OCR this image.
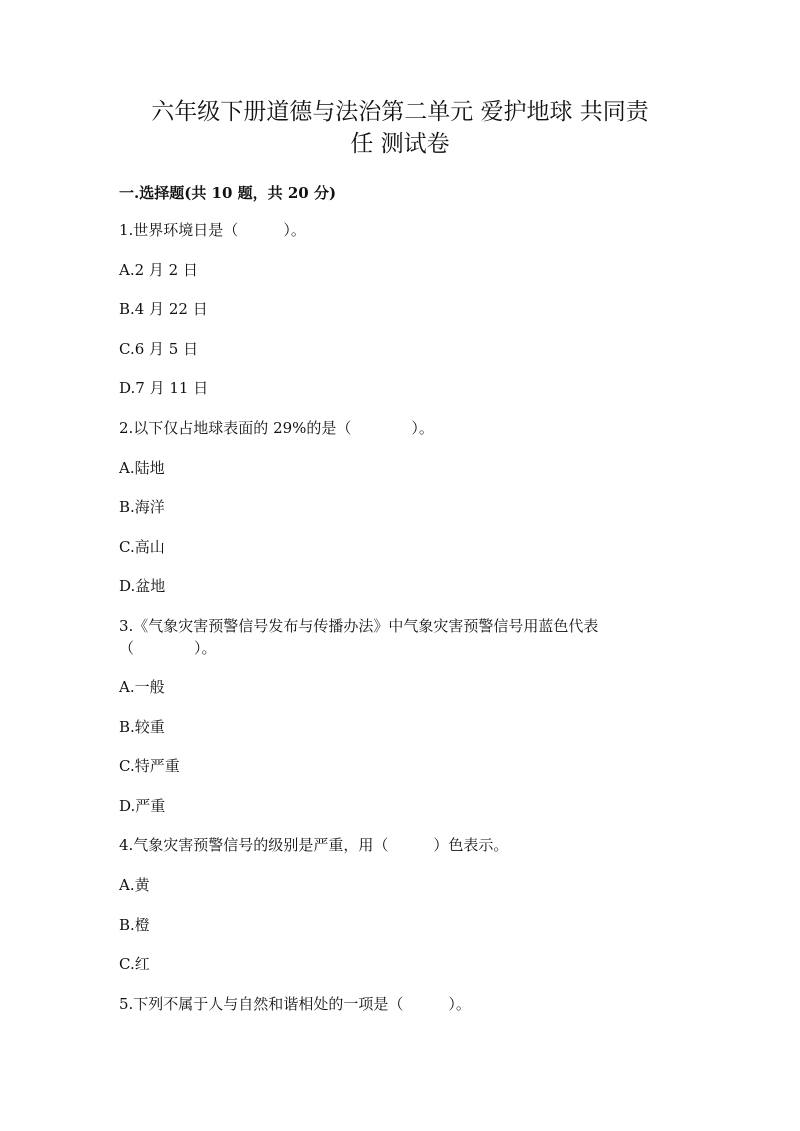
六年级下册道德与法治第二单元 爱护地球 共同责
任 测试卷
一.选择题(共 10 题，共 20 分)
1.世界环境日是（　　　）。
A.2 月 2 日
B.4 月 22 日
C.6 月 5 日
D.7 月 11 日
2.以下仅占地球表面的 29%的是（　　　　）。
A.陆地
B.海洋
C.高山
D.盆地
3.《气象灾害预警信号发布与传播办法》中气象灾害预警信号用蓝色代表
（　　　　）。
A.一般
B.较重
C.特严重
D.严重
4.气象灾害预警信号的级别是严重，用（　　　）色表示。
A.黄
B.橙
C.红
5.下列不属于人与自然和谐相处的一项是（　　　）。
